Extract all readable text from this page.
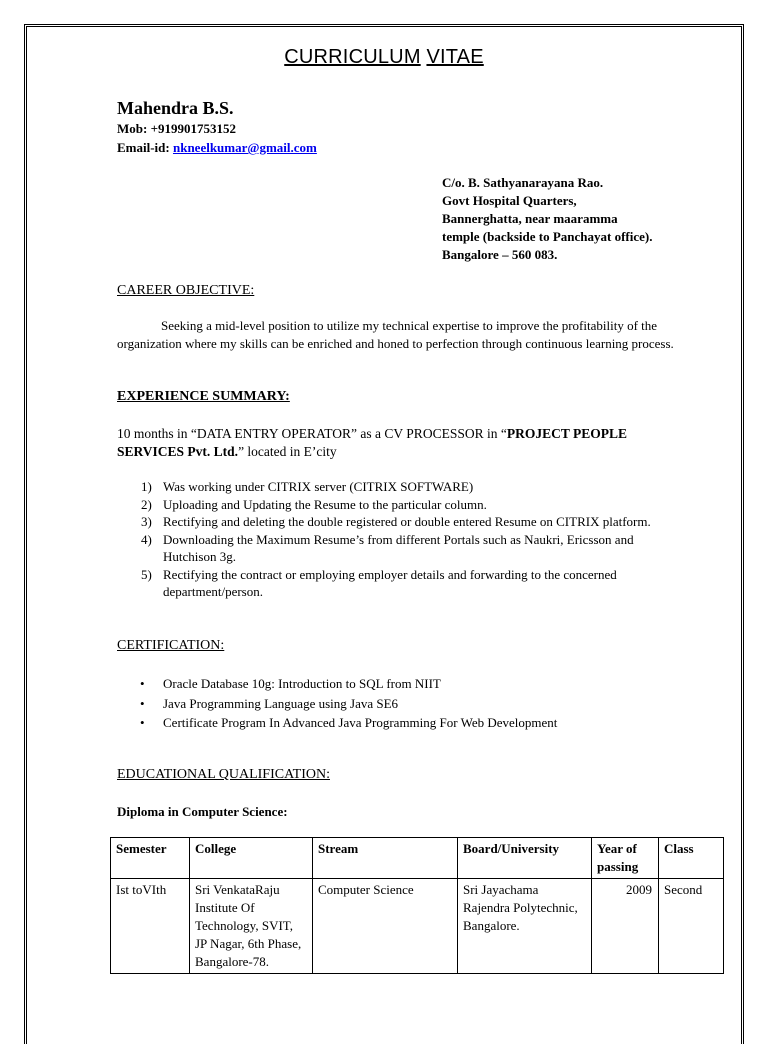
CURRICULUM VITAE
Mahendra B.S.
Mob: +919901753152
Email-id: nkneelkumar@gmail.com
C/o. B. Sathyanarayana Rao.
Govt Hospital Quarters,
Bannerghatta, near maaramma
temple (backside to Panchayat office).
Bangalore – 560 083.
CAREER OBJECTIVE:
Seeking a mid-level position to utilize my technical expertise to improve the profitability of the organization where my skills can be enriched and honed to perfection through continuous learning process.
EXPERIENCE SUMMARY:
10 months in “DATA ENTRY OPERATOR” as a CV PROCESSOR in “PROJECT PEOPLE SERVICES Pvt. Ltd.” located in E’city
1) Was working under CITRIX server (CITRIX SOFTWARE)
2) Uploading and Updating the Resume to the particular column.
3) Rectifying and deleting the double registered or double entered Resume on CITRIX platform.
4) Downloading the Maximum Resume’s from different Portals such as Naukri, Ericsson and Hutchison 3g.
5) Rectifying the contract or employing employer details and forwarding to the concerned department/person.
CERTIFICATION:
•	Oracle Database 10g: Introduction to SQL from NIIT
•	Java Programming Language using Java SE6
•	Certificate Program In Advanced Java Programming For Web Development
EDUCATIONAL QUALIFICATION:
Diploma in Computer Science:
Semester	College	Stream	Board/University	Year of passing	Class
Ist toVIth	Sri VenkataRaju Institute Of Technology, SVIT, JP Nagar, 6th Phase, Bangalore-78.	Computer Science	Sri Jayachama Rajendra Polytechnic, Bangalore.	2009	Second
